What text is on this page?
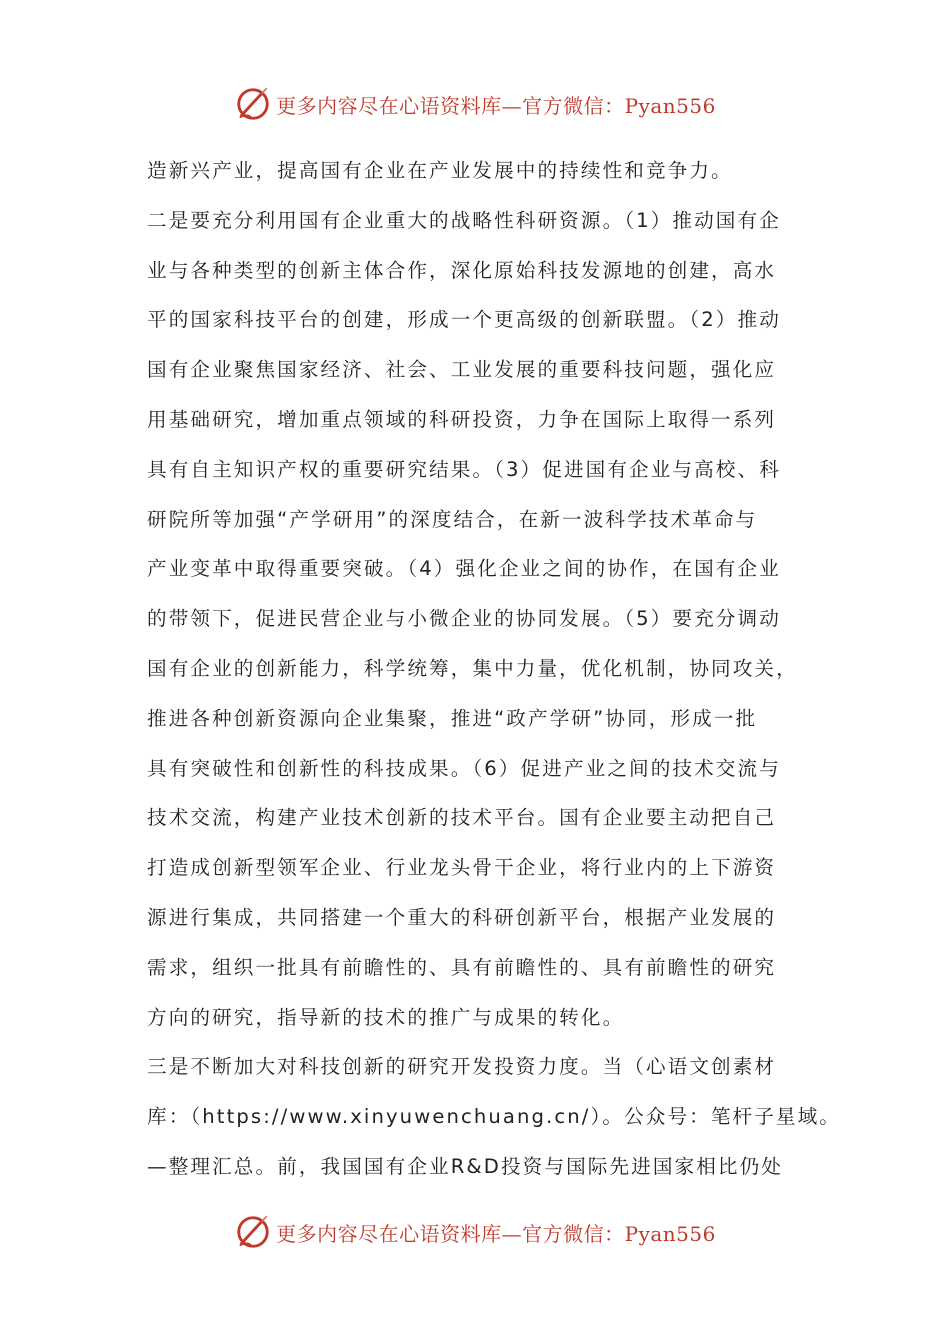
更多内容尽在心语资料库—官方微信：Pyan556
造新兴产业，提高国有企业在产业发展中的持续性和竞争力。
二是要充分利用国有企业重大的战略性科研资源。（1）推动国有企
业与各种类型的创新主体合作，深化原始科技发源地的创建，高水
平的国家科技平台的创建，形成一个更高级的创新联盟。（2）推动
国有企业聚焦国家经济、社会、工业发展的重要科技问题，强化应
用基础研究，增加重点领域的科研投资，力争在国际上取得一系列
具有自主知识产权的重要研究结果。（3）促进国有企业与高校、科
研院所等加强“产学研用”的深度结合，在新一波科学技术革命与
产业变革中取得重要突破。（4）强化企业之间的协作，在国有企业
的带领下，促进民营企业与小微企业的协同发展。（5）要充分调动
国有企业的创新能力，科学统筹，集中力量，优化机制，协同攻关，
推进各种创新资源向企业集聚，推进“政产学研”协同，形成一批
具有突破性和创新性的科技成果。（6）促进产业之间的技术交流与
技术交流，构建产业技术创新的技术平台。国有企业要主动把自己
打造成创新型领军企业、行业龙头骨干企业，将行业内的上下游资
源进行集成，共同搭建一个重大的科研创新平台，根据产业发展的
需求，组织一批具有前瞻性的、具有前瞻性的、具有前瞻性的研究
方向的研究，指导新的技术的推广与成果的转化。
三是不断加大对科技创新的研究开发投资力度。当（心语文创素材
库：（https://www.xinyuwenchuang.cn/）。公众号：笔杆子星域。
—整理汇总。前，我国国有企业R&D投资与国际先进国家相比仍处
更多内容尽在心语资料库—官方微信：Pyan556
